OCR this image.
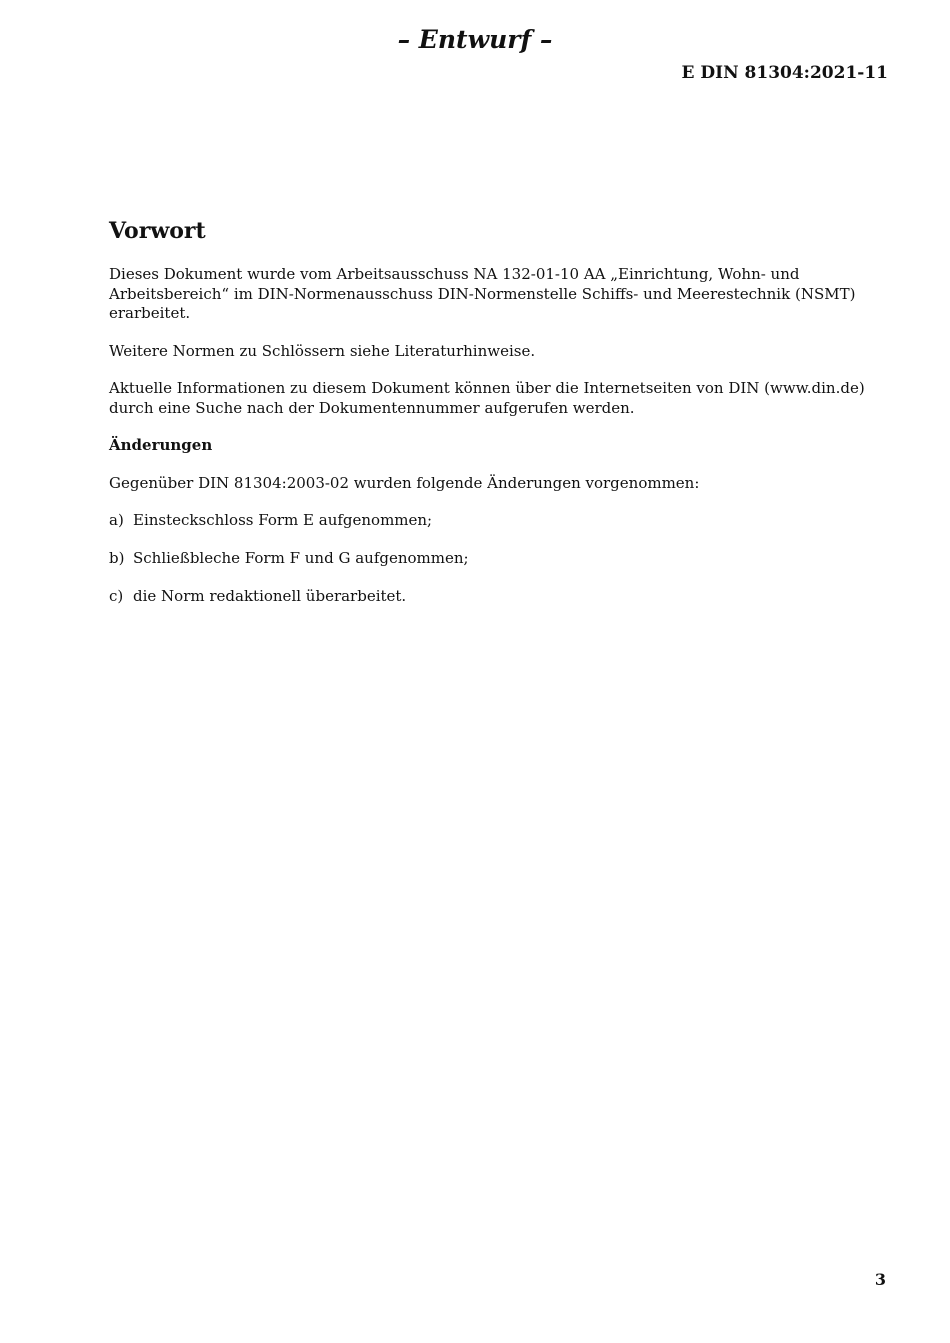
– Entwurf –
E DIN 81304:2021-11
Vorwort

Dieses Dokument wurde vom Arbeitsausschuss NA 132-01-10 AA „Einrichtung, Wohn- und Arbeitsbereich“ im DIN-Normenausschuss DIN-Normenstelle Schiffs- und Meerestechnik (NSMT) erarbeitet.

Weitere Normen zu Schlössern siehe Literaturhinweise.

Aktuelle Informationen zu diesem Dokument können über die Internetseiten von DIN (www.din.de) durch eine Suche nach der Dokumentennummer aufgerufen werden.

Änderungen

Gegenüber DIN 81304:2003-02 wurden folgende Änderungen vorgenommen:

a) Einsteckschloss Form E aufgenommen;
b) Schließbleche Form F und G aufgenommen;
c) die Norm redaktionell überarbeitet.
3
